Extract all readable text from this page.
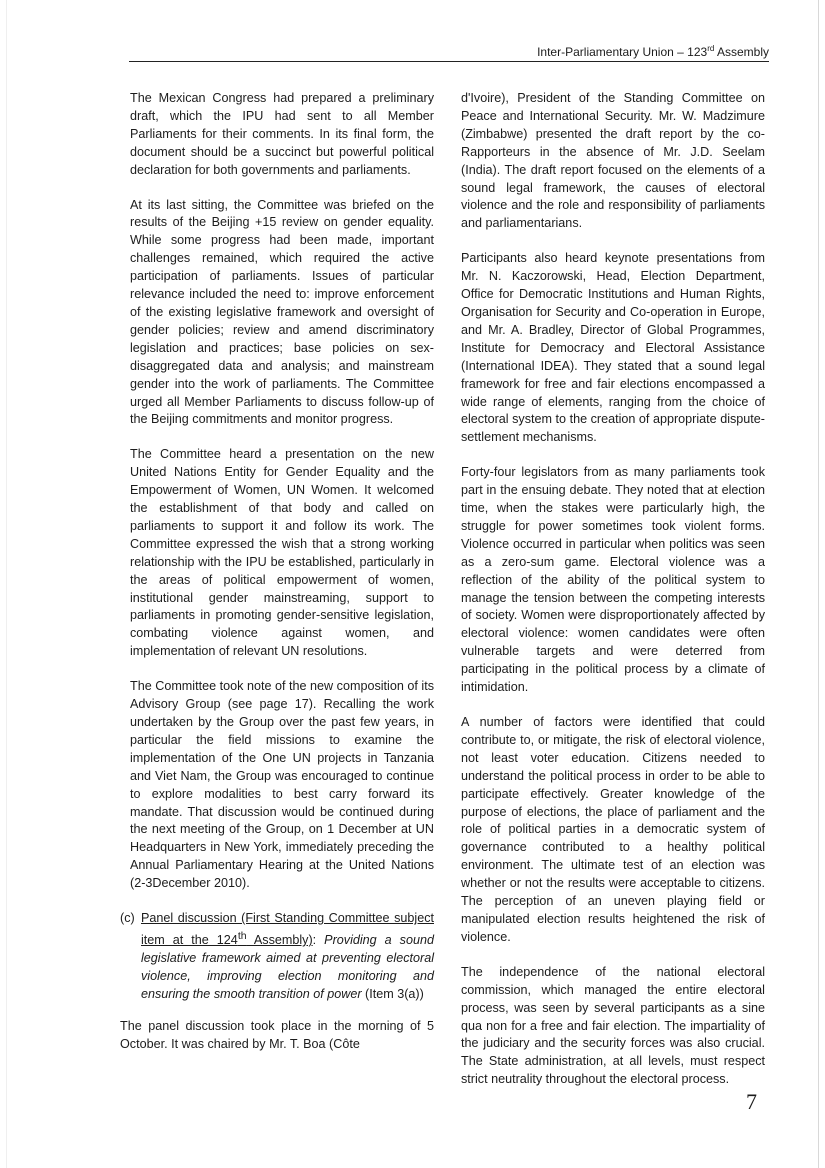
Inter-Parliamentary Union – 123rd Assembly

The Mexican Congress had prepared a preliminary draft, which the IPU had sent to all Member Parliaments for their comments. In its final form, the document should be a succinct but powerful political declaration for both governments and parliaments.

At its last sitting, the Committee was briefed on the results of the Beijing +15 review on gender equality. While some progress had been made, important challenges remained, which required the active participation of parliaments. Issues of particular relevance included the need to: improve enforcement of the existing legislative framework and oversight of gender policies; review and amend discriminatory legislation and practices; base policies on sex-disaggregated data and analysis; and mainstream gender into the work of parliaments. The Committee urged all Member Parliaments to discuss follow-up of the Beijing commitments and monitor progress.

The Committee heard a presentation on the new United Nations Entity for Gender Equality and the Empowerment of Women, UN Women. It welcomed the establishment of that body and called on parliaments to support it and follow its work. The Committee expressed the wish that a strong working relationship with the IPU be established, particularly in the areas of political empowerment of women, institutional gender mainstreaming, support to parliaments in promoting gender-sensitive legislation, combating violence against women, and implementation of relevant UN resolutions.

The Committee took note of the new composition of its Advisory Group (see page 17). Recalling the work undertaken by the Group over the past few years, in particular the field missions to examine the implementation of the One UN projects in Tanzania and Viet Nam, the Group was encouraged to continue to explore modalities to best carry forward its mandate. That discussion would be continued during the next meeting of the Group, on 1 December at UN Headquarters in New York, immediately preceding the Annual Parliamentary Hearing at the United Nations (2-3December 2010).

(c) Panel discussion (First Standing Committee subject item at the 124th Assembly): Providing a sound legislative framework aimed at preventing electoral violence, improving election monitoring and ensuring the smooth transition of power (Item 3(a))

The panel discussion took place in the morning of 5 October. It was chaired by Mr. T. Boa (Côte

d'Ivoire), President of the Standing Committee on Peace and International Security. Mr. W. Madzimure (Zimbabwe) presented the draft report by the co-Rapporteurs in the absence of Mr. J.D. Seelam (India). The draft report focused on the elements of a sound legal framework, the causes of electoral violence and the role and responsibility of parliaments and parliamentarians.

Participants also heard keynote presentations from Mr. N. Kaczorowski, Head, Election Department, Office for Democratic Institutions and Human Rights, Organisation for Security and Co-operation in Europe, and Mr. A. Bradley, Director of Global Programmes, Institute for Democracy and Electoral Assistance (International IDEA). They stated that a sound legal framework for free and fair elections encompassed a wide range of elements, ranging from the choice of electoral system to the creation of appropriate dispute-settlement mechanisms.

Forty-four legislators from as many parliaments took part in the ensuing debate. They noted that at election time, when the stakes were particularly high, the struggle for power sometimes took violent forms. Violence occurred in particular when politics was seen as a zero-sum game. Electoral violence was a reflection of the ability of the political system to manage the tension between the competing interests of society. Women were disproportionately affected by electoral violence: women candidates were often vulnerable targets and were deterred from participating in the political process by a climate of intimidation.

A number of factors were identified that could contribute to, or mitigate, the risk of electoral violence, not least voter education. Citizens needed to understand the political process in order to be able to participate effectively. Greater knowledge of the purpose of elections, the place of parliament and the role of political parties in a democratic system of governance contributed to a healthy political environment. The ultimate test of an election was whether or not the results were acceptable to citizens. The perception of an uneven playing field or manipulated election results heightened the risk of violence.

The independence of the national electoral commission, which managed the entire electoral process, was seen by several participants as a sine qua non for a free and fair election. The impartiality of the judiciary and the security forces was also crucial. The State administration, at all levels, must respect strict neutrality throughout the electoral process.

7
